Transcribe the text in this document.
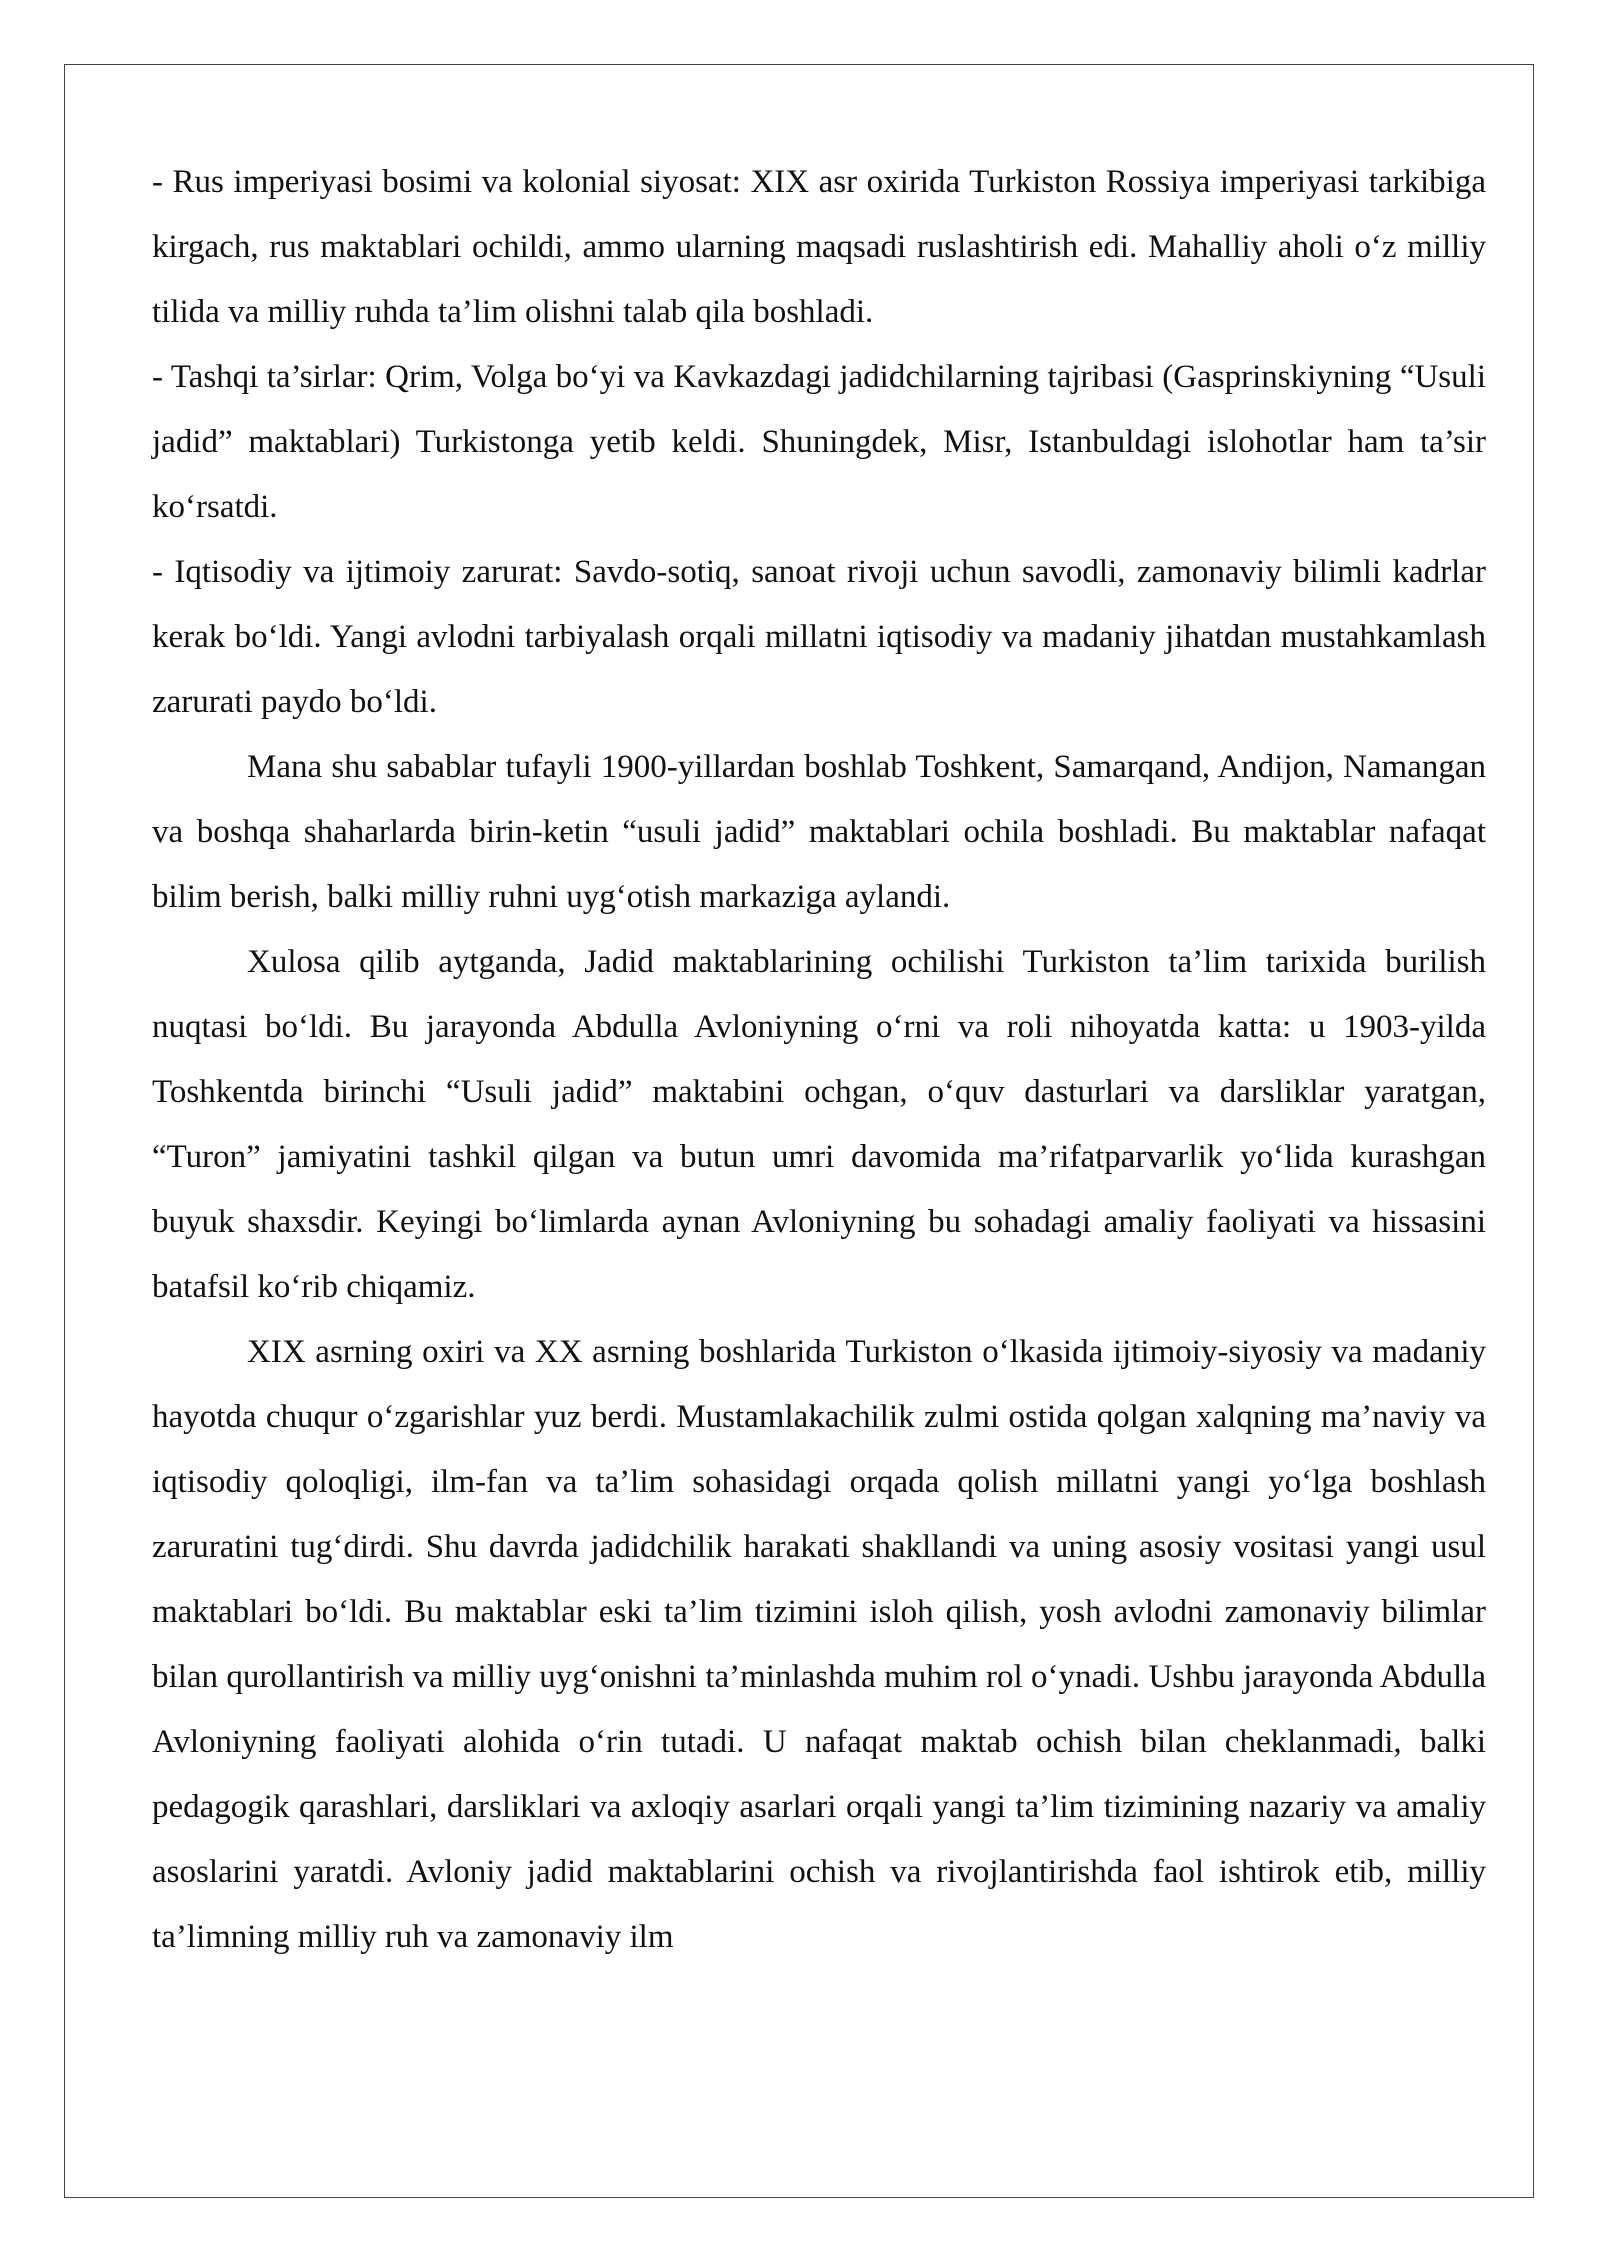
- Rus imperiyasi bosimi va kolonial siyosat: XIX asr oxirida Turkiston Rossiya imperiyasi tarkibiga kirgach, rus maktablari ochildi, ammo ularning maqsadi ruslashtirish edi. Mahalliy aholi o‘z milliy tilida va milliy ruhda ta’lim olishni talab qila boshladi.

- Tashqi ta’sirlar: Qrim, Volga bo‘yi va Kavkazdagi jadidchilarning tajribasi (Gasprinskiyning “Usuli jadid” maktablari) Turkistonga yetib keldi. Shuningdek, Misr, Istanbuldagi islohotlar ham ta’sir ko‘rsatdi.

- Iqtisodiy va ijtimoiy zarurat: Savdo-sotiq, sanoat rivoji uchun savodli, zamonaviy bilimli kadrlar kerak bo‘ldi. Yangi avlodni tarbiyalash orqali millatni iqtisodiy va madaniy jihatdan mustahkamlash zarurati paydo bo‘ldi.

Mana shu sabablar tufayli 1900-yillardan boshlab Toshkent, Samarqand, Andijon, Namangan va boshqa shaharlarda birin-ketin “usuli jadid” maktablari ochila boshladi. Bu maktablar nafaqat bilim berish, balki milliy ruhni uyg‘otish markaziga aylandi.

Xulosa qilib aytganda, Jadid maktablarining ochilishi Turkiston ta’lim tarixida burilish nuqtasi bo‘ldi. Bu jarayonda Abdulla Avloniyning o‘rni va roli nihoyatda katta: u 1903-yilda Toshkentda birinchi “Usuli jadid” maktabini ochgan, o‘quv dasturlari va darsliklar yaratgan, “Turon” jamiyatini tashkil qilgan va butun umri davomida ma’rifatparvarlik yo‘lida kurashgan buyuk shaxsdir. Keyingi bo‘limlarda aynan Avloniyning bu sohadagi amaliy faoliyati va hissasini batafsil ko‘rib chiqamiz.

XIX asrning oxiri va XX asrning boshlarida Turkiston o‘lkasida ijtimoiy-siyosiy va madaniy hayotda chuqur o‘zgarishlar yuz berdi. Mustamlakachilik zulmi ostida qolgan xalqning ma’naviy va iqtisodiy qoloqligi, ilm-fan va ta’lim sohasidagi orqada qolish millatni yangi yo‘lga boshlash zaruratini tug‘dirdi. Shu davrda jadidchilik harakati shakllandi va uning asosiy vositasi yangi usul maktablari bo‘ldi. Bu maktablar eski ta’lim tizimini isloh qilish, yosh avlodni zamonaviy bilimlar bilan qurollantirish va milliy uyg‘onishni ta’minlashda muhim rol o‘ynadi. Ushbu jarayonda Abdulla Avloniyning faoliyati alohida o‘rin tutadi. U nafaqat maktab ochish bilan cheklanmadi, balki pedagogik qarashlari, darsliklari va axloqiy asarlari orqali yangi ta’lim tizimining nazariy va amaliy asoslarini yaratdi. Avloniy jadid maktablarini ochish va rivojlantirishda faol ishtirok etib, milliy ta’limning milliy ruh va zamonaviy ilm
